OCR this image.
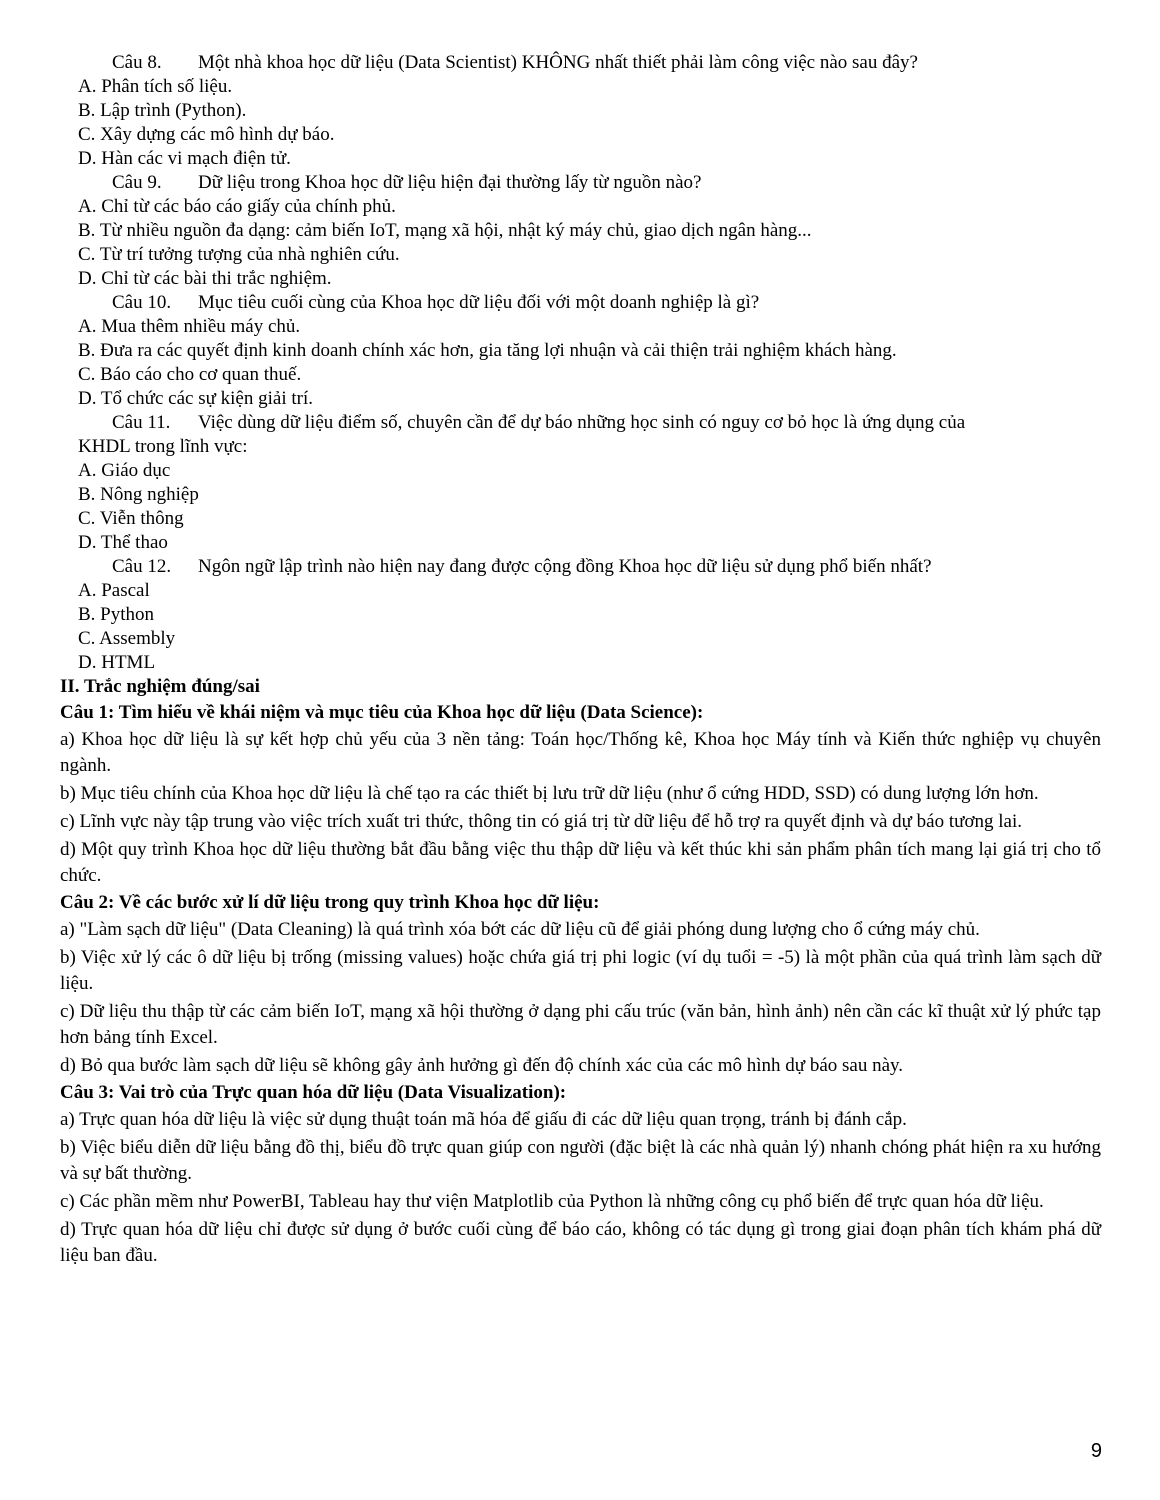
Câu 8. Một nhà khoa học dữ liệu (Data Scientist) KHÔNG nhất thiết phải làm công việc nào sau đây?
A. Phân tích số liệu.
B. Lập trình (Python).
C. Xây dựng các mô hình dự báo.
D. Hàn các vi mạch điện tử.
Câu 9. Dữ liệu trong Khoa học dữ liệu hiện đại thường lấy từ nguồn nào?
A. Chỉ từ các báo cáo giấy của chính phủ.
B. Từ nhiều nguồn đa dạng: cảm biến IoT, mạng xã hội, nhật ký máy chủ, giao dịch ngân hàng...
C. Từ trí tưởng tượng của nhà nghiên cứu.
D. Chỉ từ các bài thi trắc nghiệm.
Câu 10. Mục tiêu cuối cùng của Khoa học dữ liệu đối với một doanh nghiệp là gì?
A. Mua thêm nhiều máy chủ.
B. Đưa ra các quyết định kinh doanh chính xác hơn, gia tăng lợi nhuận và cải thiện trải nghiệm khách hàng.
C. Báo cáo cho cơ quan thuế.
D. Tổ chức các sự kiện giải trí.
Câu 11. Việc dùng dữ liệu điểm số, chuyên cần để dự báo những học sinh có nguy cơ bỏ học là ứng dụng của
KHDL trong lĩnh vực:
A. Giáo dục
B. Nông nghiệp
C. Viễn thông
D. Thể thao
Câu 12. Ngôn ngữ lập trình nào hiện nay đang được cộng đồng Khoa học dữ liệu sử dụng phổ biến nhất?
A. Pascal
B. Python
C. Assembly
D. HTML
II. Trắc nghiệm đúng/sai
Câu 1: Tìm hiểu về khái niệm và mục tiêu của Khoa học dữ liệu (Data Science):

a) Khoa học dữ liệu là sự kết hợp chủ yếu của 3 nền tảng: Toán học/Thống kê, Khoa học Máy tính và Kiến thức nghiệp vụ chuyên ngành.

b) Mục tiêu chính của Khoa học dữ liệu là chế tạo ra các thiết bị lưu trữ dữ liệu (như ổ cứng HDD, SSD) có dung lượng lớn hơn.

c) Lĩnh vực này tập trung vào việc trích xuất tri thức, thông tin có giá trị từ dữ liệu để hỗ trợ ra quyết định và dự báo tương lai.

d) Một quy trình Khoa học dữ liệu thường bắt đầu bằng việc thu thập dữ liệu và kết thúc khi sản phẩm phân tích mang lại giá trị cho tổ chức.

Câu 2: Về các bước xử lí dữ liệu trong quy trình Khoa học dữ liệu:

a) "Làm sạch dữ liệu" (Data Cleaning) là quá trình xóa bớt các dữ liệu cũ để giải phóng dung lượng cho ổ cứng máy chủ.

b) Việc xử lý các ô dữ liệu bị trống (missing values) hoặc chứa giá trị phi logic (ví dụ tuổi = -5) là một phần của quá trình làm sạch dữ liệu.

c) Dữ liệu thu thập từ các cảm biến IoT, mạng xã hội thường ở dạng phi cấu trúc (văn bản, hình ảnh) nên cần các kĩ thuật xử lý phức tạp hơn bảng tính Excel.

d) Bỏ qua bước làm sạch dữ liệu sẽ không gây ảnh hưởng gì đến độ chính xác của các mô hình dự báo sau này.

Câu 3: Vai trò của Trực quan hóa dữ liệu (Data Visualization):

a) Trực quan hóa dữ liệu là việc sử dụng thuật toán mã hóa để giấu đi các dữ liệu quan trọng, tránh bị đánh cắp.

b) Việc biểu diễn dữ liệu bằng đồ thị, biểu đồ trực quan giúp con người (đặc biệt là các nhà quản lý) nhanh chóng phát hiện ra xu hướng và sự bất thường.

c) Các phần mềm như PowerBI, Tableau hay thư viện Matplotlib của Python là những công cụ phổ biến để trực quan hóa dữ liệu.

d) Trực quan hóa dữ liệu chỉ được sử dụng ở bước cuối cùng để báo cáo, không có tác dụng gì trong giai đoạn phân tích khám phá dữ liệu ban đầu.

9
